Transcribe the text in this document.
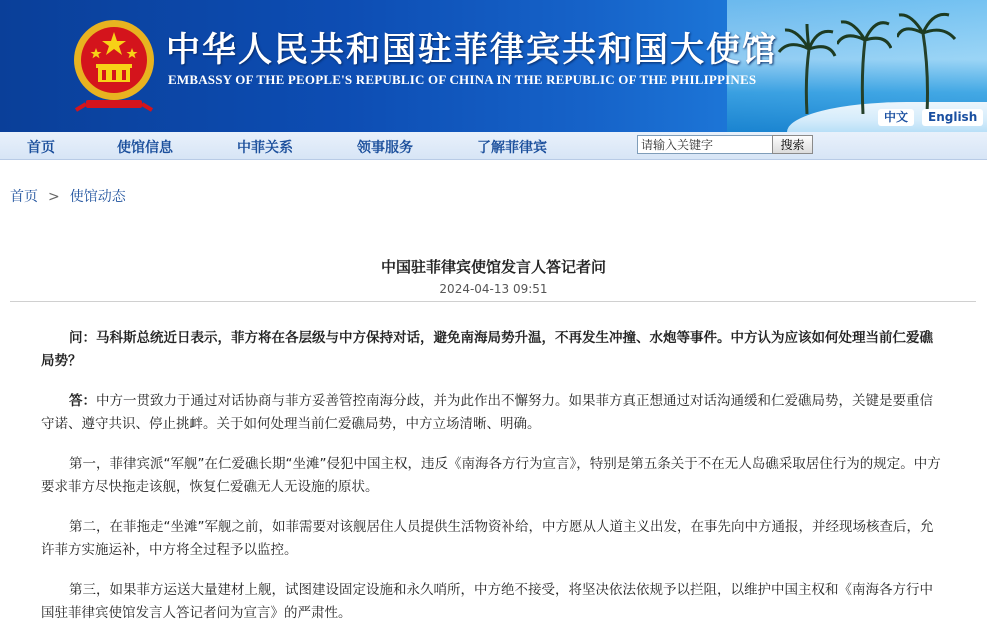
中华人民共和国驻菲律宾共和国大使馆
EMBASSY OF THE PEOPLE'S REPUBLIC OF CHINA IN THE REPUBLIC OF THE PHILIPPINES
中文	English
首页	使馆信息	中菲关系	领事服务	了解菲律宾
请输入关键字	搜索
首页 > 使馆动态
中国驻菲律宾使馆发言人答记者问
2024-04-13 09:51

问：马科斯总统近日表示，菲方将在各层级与中方保持对话，避免南海局势升温，不再发生冲撞、水炮等事件。中方认为应该如何处理当前仁爱礁局势？

答：中方一贯致力于通过对话协商与菲方妥善管控南海分歧，并为此作出不懈努力。如果菲方真正想通过对话沟通缓和仁爱礁局势，关键是要重信守诺、遵守共识、停止挑衅。关于如何处理当前仁爱礁局势，中方立场清晰、明确。

第一，菲律宾派“军舰”在仁爱礁长期“坐滩”侵犯中国主权，违反《南海各方行为宣言》，特别是第五条关于不在无人岛礁采取居住行为的规定。中方要求菲方尽快拖走该舰，恢复仁爱礁无人无设施的原状。

第二，在菲拖走“坐滩”军舰之前，如菲需要对该舰居住人员提供生活物资补给，中方愿从人道主义出发，在事先向中方通报，并经现场核查后，允许菲方实施运补，中方将全过程予以监控。

第三，如果菲方运送大量建材上舰，试图建设固定设施和永久哨所，中方绝不接受，将坚决依法依规予以拦阻，以维护中国主权和《南海各方行中国驻菲律宾使馆发言人答记者问为宣言》的严肃性。
